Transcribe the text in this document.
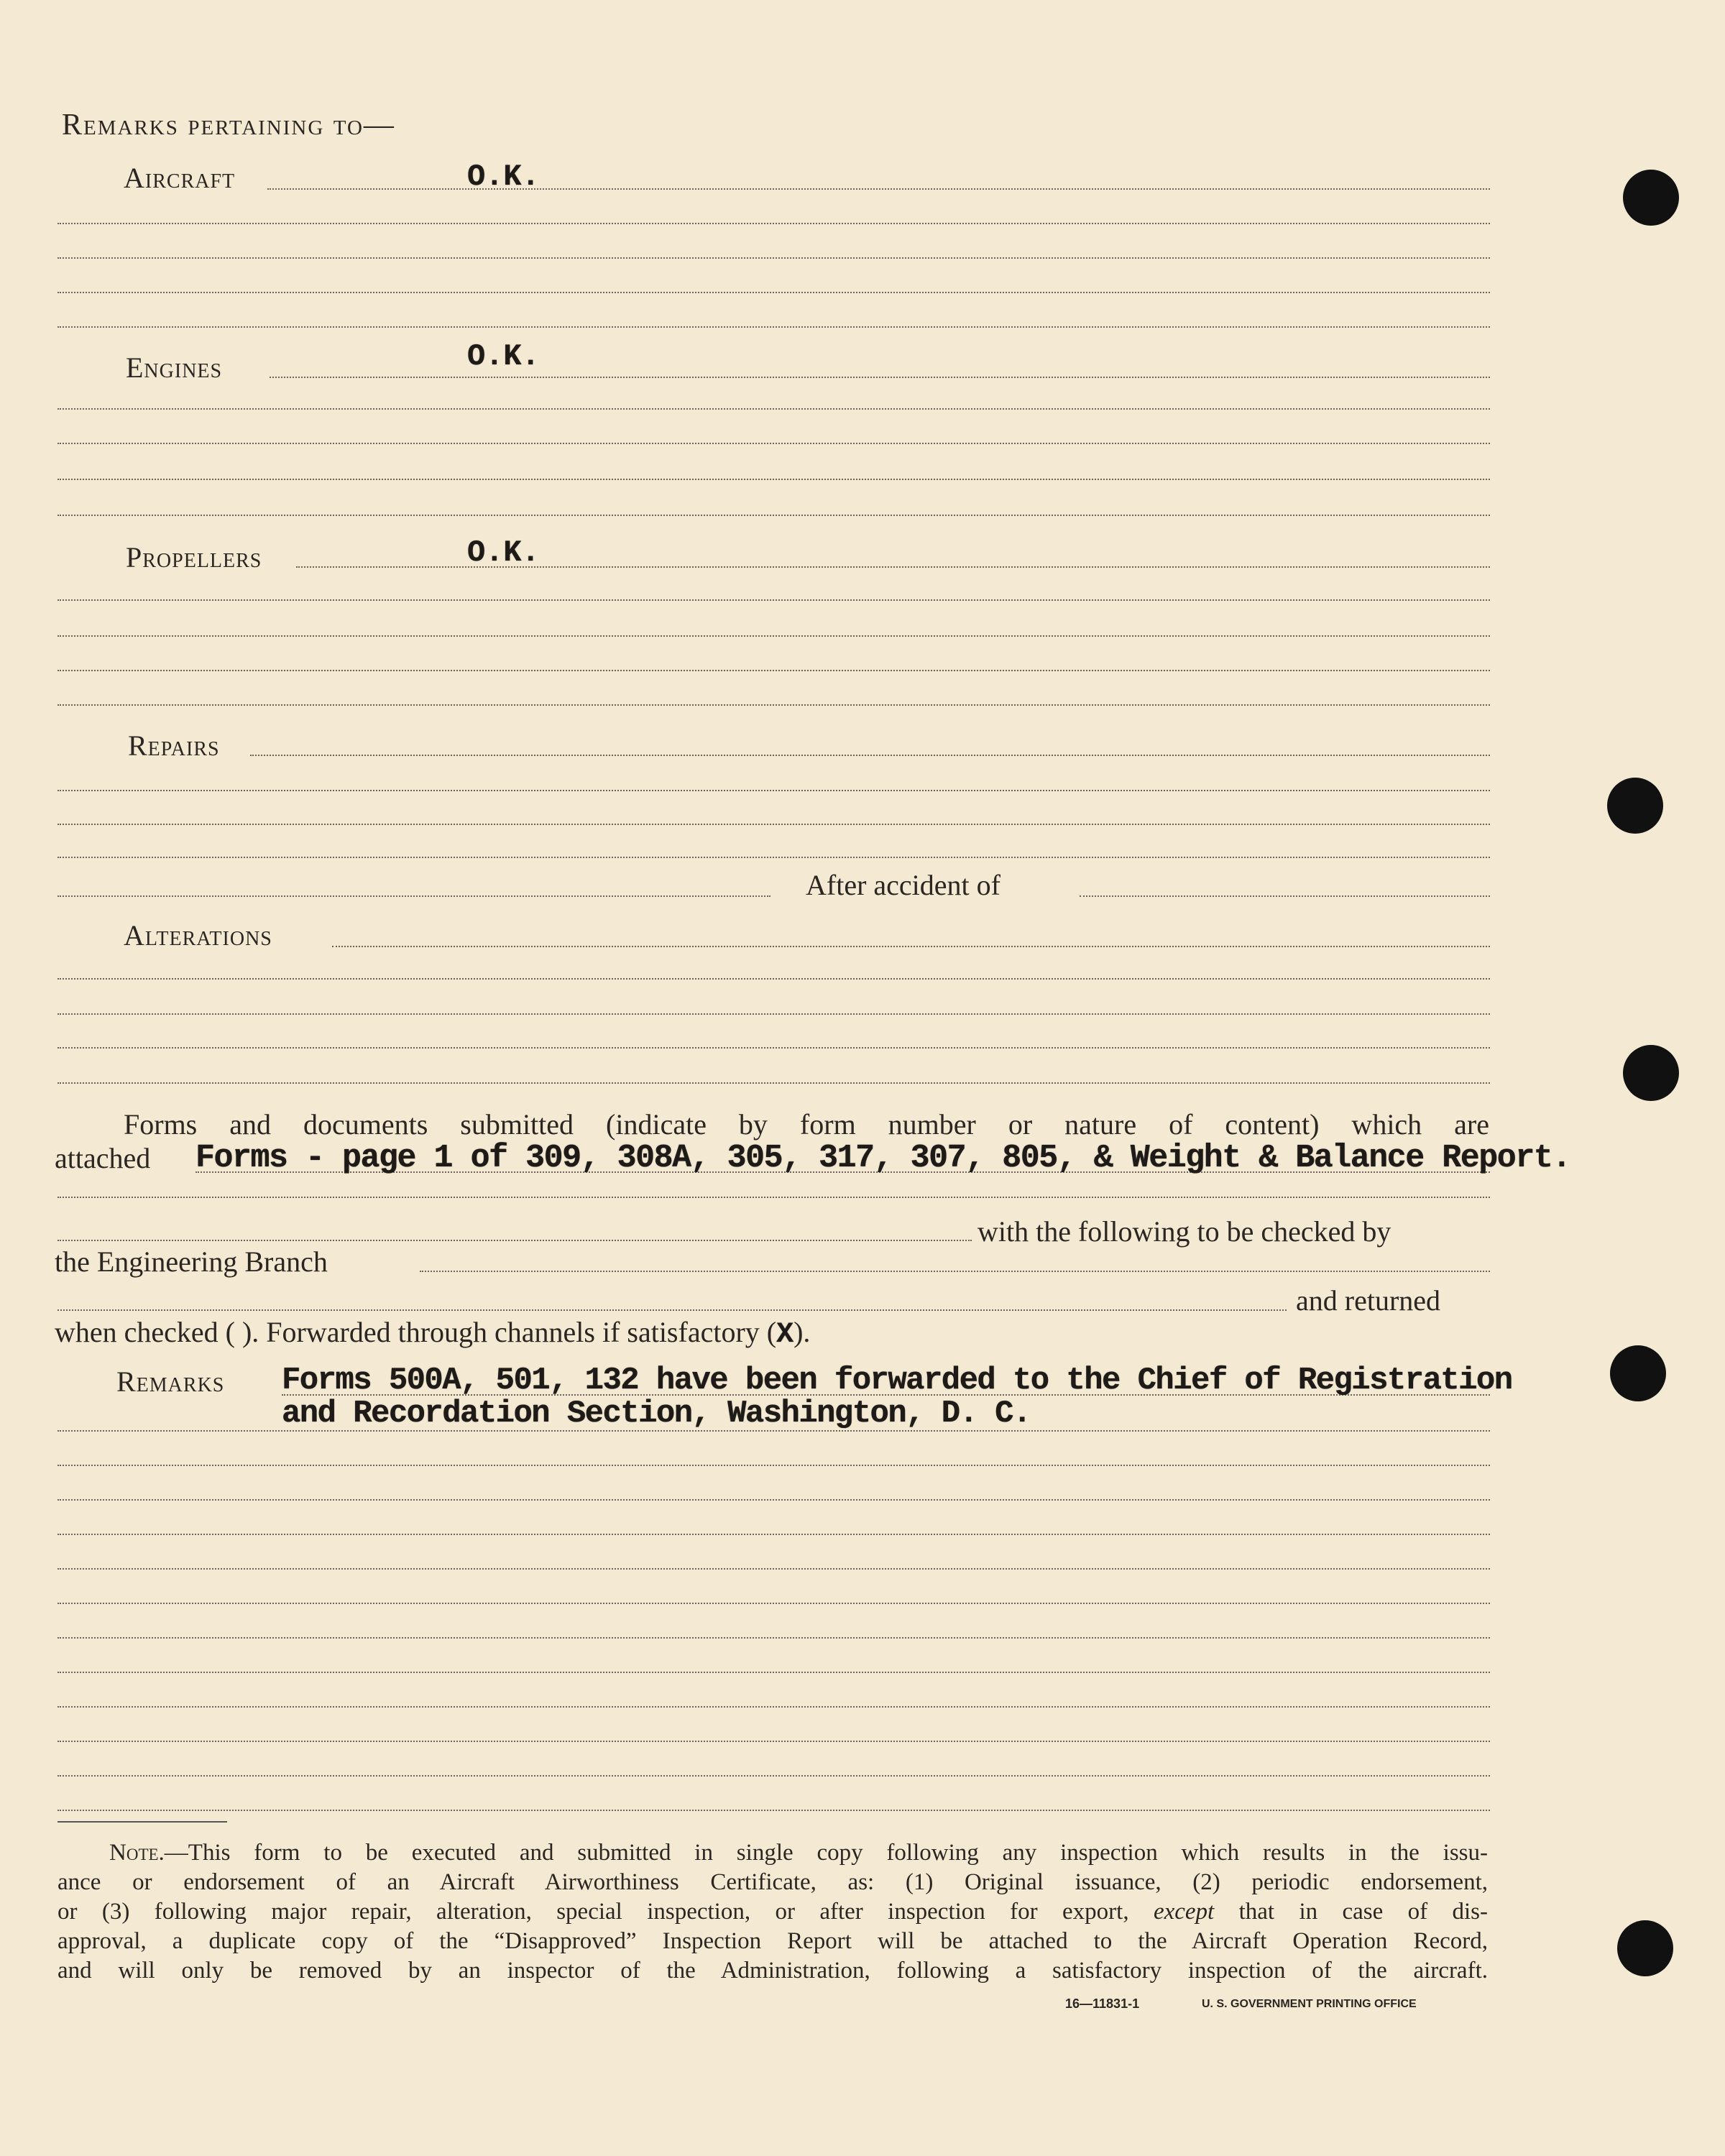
Remarks pertaining to—
Aircraft	O.K.
Engines	O.K.
Propellers	O.K.
Repairs
After accident of
Alterations
Forms and documents submitted (indicate by form number or nature of content) which are
attached Forms - page 1 of 309, 308A, 305, 317, 307, 805, & Weight & Balance Report.
with the following to be checked by
the Engineering Branch
and returned
when checked ( ). Forwarded through channels if satisfactory (X).
Remarks Forms 500A, 501, 132 have been forwarded to the Chief of Registration
and Recordation Section, Washington, D. C.
Note.—This form to be executed and submitted in single copy following any inspection which results in the issu-
ance or endorsement of an Aircraft Airworthiness Certificate, as: (1) Original issuance, (2) periodic endorsement,
or (3) following major repair, alteration, special inspection, or after inspection for export, except that in case of dis-
approval, a duplicate copy of the “Disapproved” Inspection Report will be attached to the Aircraft Operation Record,
and will only be removed by an inspector of the Administration, following a satisfactory inspection of the aircraft.
16—11831-1	U. S. GOVERNMENT PRINTING OFFICE
